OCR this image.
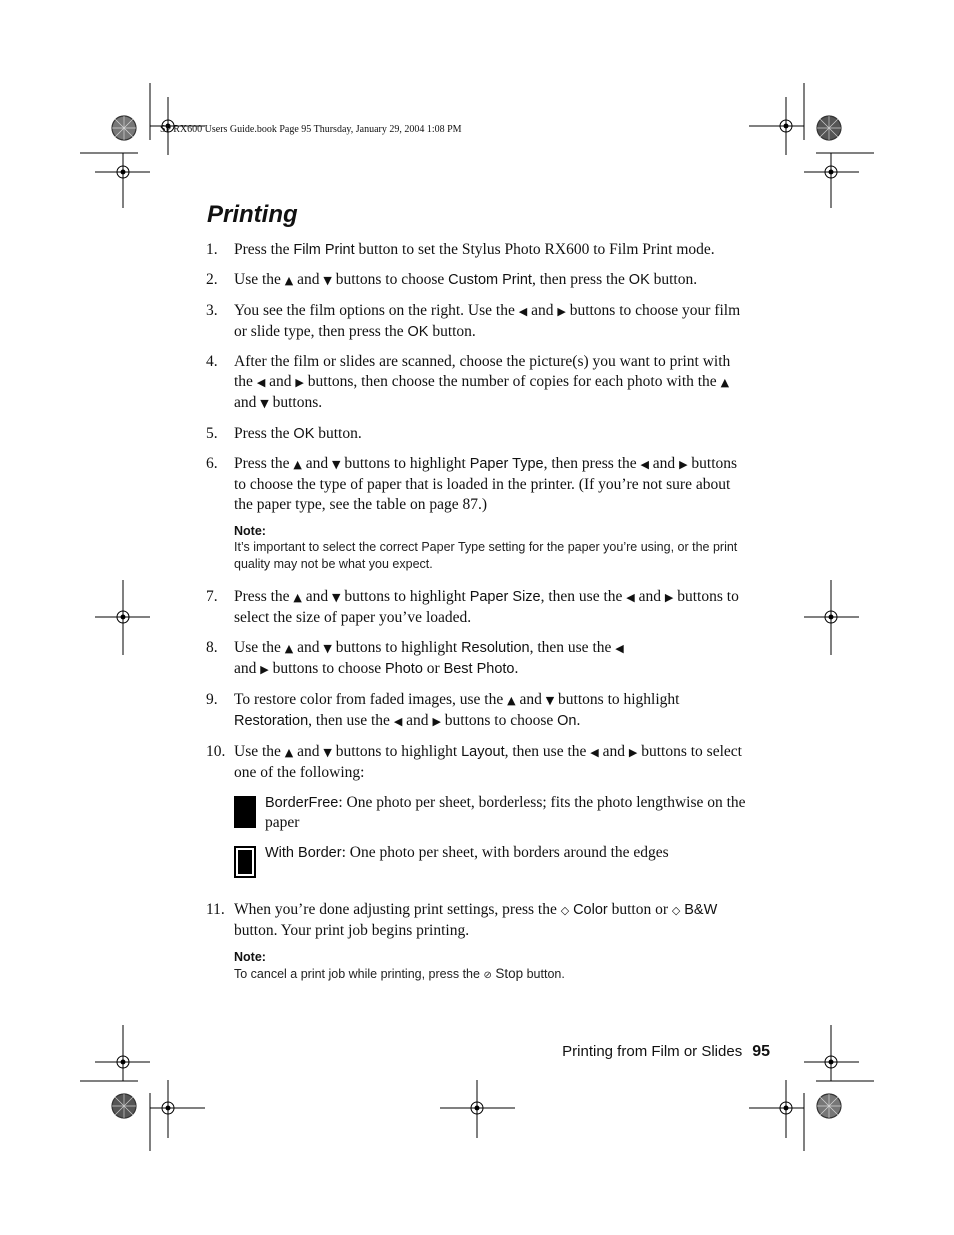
SP RX600 Users Guide.book Page 95 Thursday, January 29, 2004 1:08 PM
Printing
1.	Press the Film Print button to set the Stylus Photo RX600 to Film Print mode.
2.	Use the ▲ and ▼ buttons to choose Custom Print, then press the OK button.
3.	You see the film options on the right. Use the ◀ and ▶ buttons to choose your film or slide type, then press the OK button.
4.	After the film or slides are scanned, choose the picture(s) you want to print with the ◀ and ▶ buttons, then choose the number of copies for each photo with the ▲ and ▼ buttons.
5.	Press the OK button.
6.	Press the ▲ and ▼ buttons to highlight Paper Type, then press the ◀ and ▶ buttons to choose the type of paper that is loaded in the printer. (If you’re not sure about the paper type, see the table on page 87.)
Note:
It’s important to select the correct Paper Type setting for the paper you’re using, or the print quality may not be what you expect.
7.	Press the ▲ and ▼ buttons to highlight Paper Size, then use the ◀ and ▶ buttons to select the size of paper you’ve loaded.
8.	Use the ▲ and ▼ buttons to highlight Resolution, then use the ◀ and ▶ buttons to choose Photo or Best Photo.
9.	To restore color from faded images, use the ▲ and ▼ buttons to highlight Restoration, then use the ◀ and ▶ buttons to choose On.
10. Use the ▲ and ▼ buttons to highlight Layout, then use the ◀ and ▶ buttons to select one of the following:
BorderFree: One photo per sheet, borderless; fits the photo lengthwise on the paper
With Border: One photo per sheet, with borders around the edges
11. When you’re done adjusting print settings, press the ◇ Color button or ◇ B&W button. Your print job begins printing.
Note:
To cancel a print job while printing, press the ⊘ Stop button.
Printing from Film or Slides 95
